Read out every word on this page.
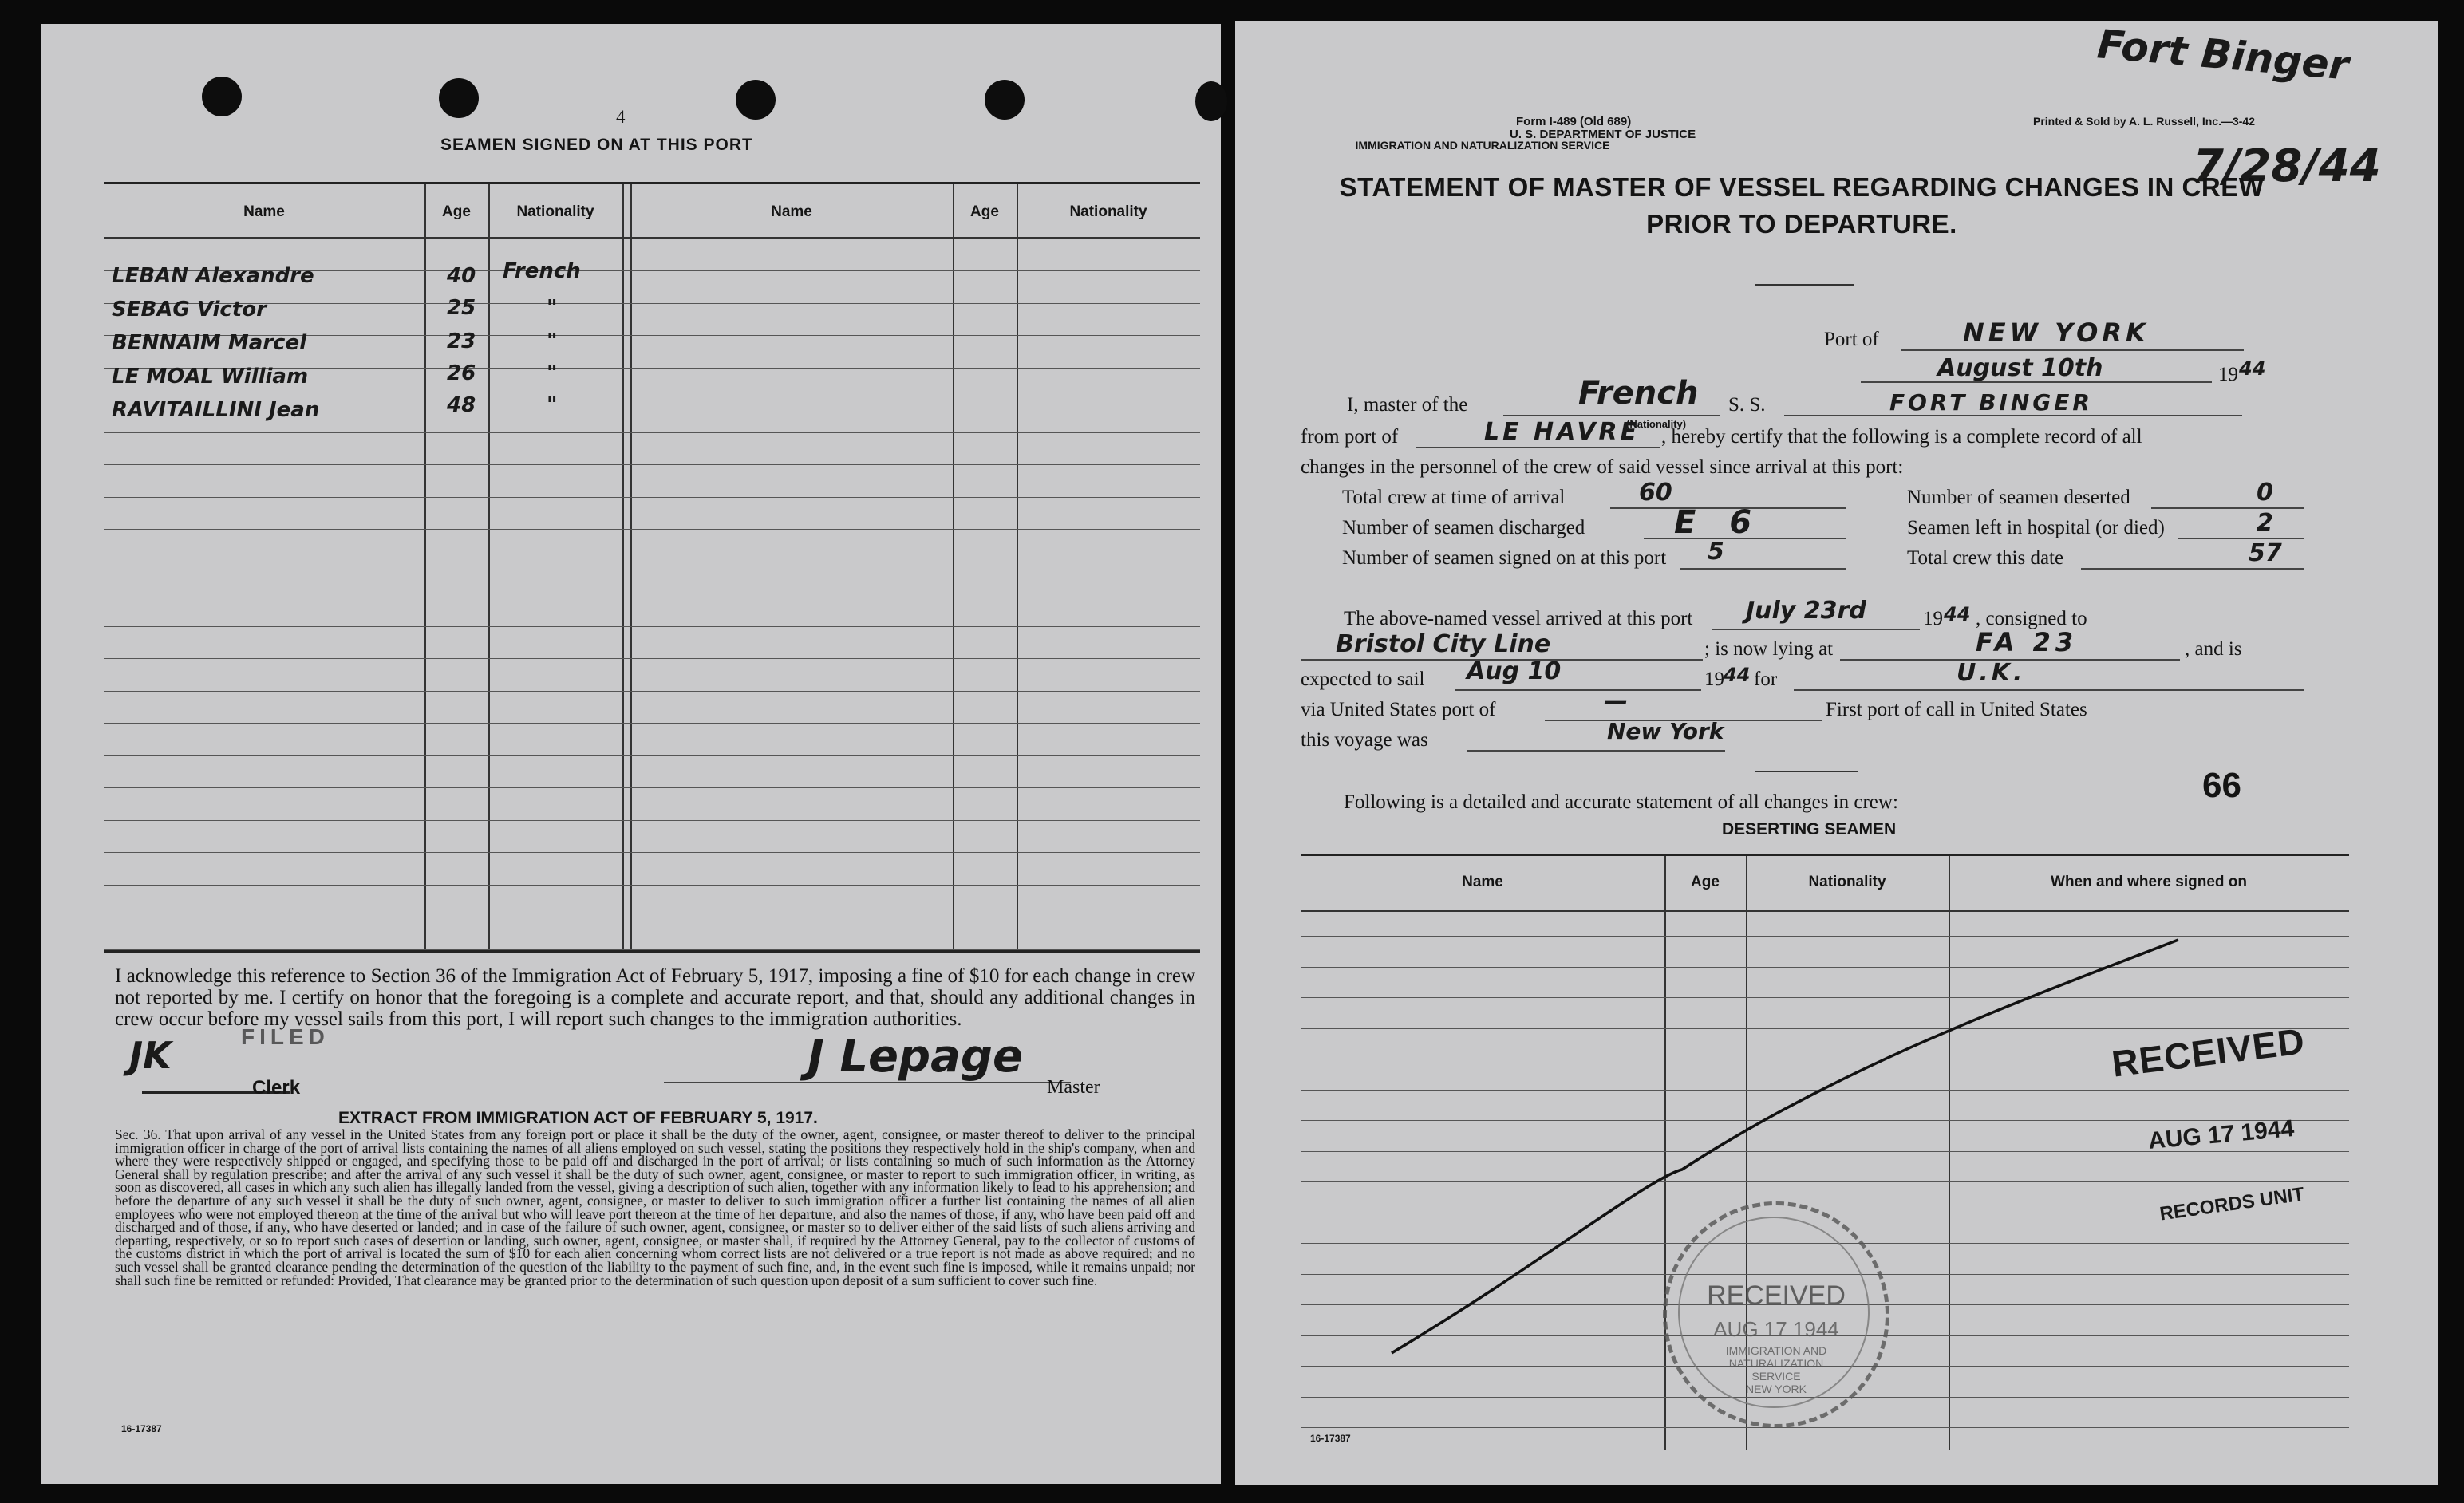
4
SEAMEN SIGNED ON AT THIS PORT
Name	Age	Nationality	Name	Age	Nationality
LEBAN Alexandre	40 French
SEBAG Victor	25	"
BENNAIM Marcel	23	"
LE MOAL William	26	"
RAVITAILLINI Jean	48	"
I acknowledge this reference to Section 36 of the Immigration Act of February 5, 1917, imposing a fine of $10 for each change in crew not reported by me. I certify on honor that the foregoing is a complete and accurate report, and that, should any additional changes in crew occur before my vessel sails from this port, I will report such changes to the immigration authorities.
FILED
JK
Clerk
J Lepage
Master
EXTRACT FROM IMMIGRATION ACT OF FEBRUARY 5, 1917.
Sec. 36. That upon arrival of any vessel in the United States from any foreign port or place it shall be the duty of the owner, agent, consignee, or master thereof to deliver to the principal immigration officer in charge of the port of arrival lists containing the names of all aliens employed on such vessel, stating the positions they respectively hold in the ship's company, when and where they were respectively shipped or engaged, and specifying those to be paid off and discharged in the port of arrival; or lists containing so much of such information as the Attorney General shall by regulation prescribe; and after the arrival of any such vessel it shall be the duty of such owner, agent, consignee, or master to report to such immigration officer, in writing, as soon as discovered, all cases in which any such alien has illegally landed from the vessel, giving a description of such alien, together with any information likely to lead to his apprehension; and before the departure of any such vessel it shall be the duty of such owner, agent, consignee, or master to deliver to such immigration officer a further list containing the names of all alien employees who were not employed thereon at the time of the arrival but who will leave port thereon at the time of her departure, and also the names of those, if any, who have been paid off and discharged and of those, if any, who have deserted or landed; and in case of the failure of such owner, agent, consignee, or master so to deliver either of the said lists of such aliens arriving and departing, respectively, or so to report such cases of desertion or landing, such owner, agent, consignee, or master shall, if required by the Attorney General, pay to the collector of customs of the customs district in which the port of arrival is located the sum of $10 for each alien concerning whom correct lists are not delivered or a true report is not made as above required; and no such vessel shall be granted clearance pending the determination of the question of the liability to the payment of such fine, and, in the event such fine is imposed, while it remains unpaid; nor shall such fine be remitted or refunded: Provided, That clearance may be granted prior to the determination of such question upon deposit of a sum sufficient to cover such fine.
16-17387
Fort Binger
7/28/44
Form I-489 (Old 689)
U. S. DEPARTMENT OF JUSTICE
IMMIGRATION AND NATURALIZATION SERVICE
Printed & Sold by A. L. Russell, Inc.—3-42
STATEMENT OF MASTER OF VESSEL REGARDING CHANGES IN CREW
PRIOR TO DEPARTURE.
Port of	NEW YORK
August 10th	19 44
I, master of the	French
(Nationality)
S. S.	FORT BINGER
from port of	LE HAVRE , hereby certify that the following is a complete record of all
changes in the personnel of the crew of said vessel since arrival at this port:
Total crew at time of arrival	60	Number of seamen deserted	0
Number of seamen discharged	E 6	Seamen left in hospital (or died)	2
Number of seamen signed on at this port 5	Total crew this date	57
The above-named vessel arrived at this port July 23rd	19 44 , consigned to
Bristol City Line	; is now lying at	FA 23	, and is
expected to sail Aug 10	19 44 for	U.K.
via United States port of	—	First port of call in United States
this voyage was	New York
Following is a detailed and accurate statement of all changes in crew:	66
DESERTING SEAMEN
Name	Age	Nationality	When and where signed on
RECEIVED
AUG 17 1944
RECORDS UNIT
RECEIVED
AUG 17 1944
IMMIGRATION AND
NATURALIZATION
SERVICE
NEW YORK
16-17387
